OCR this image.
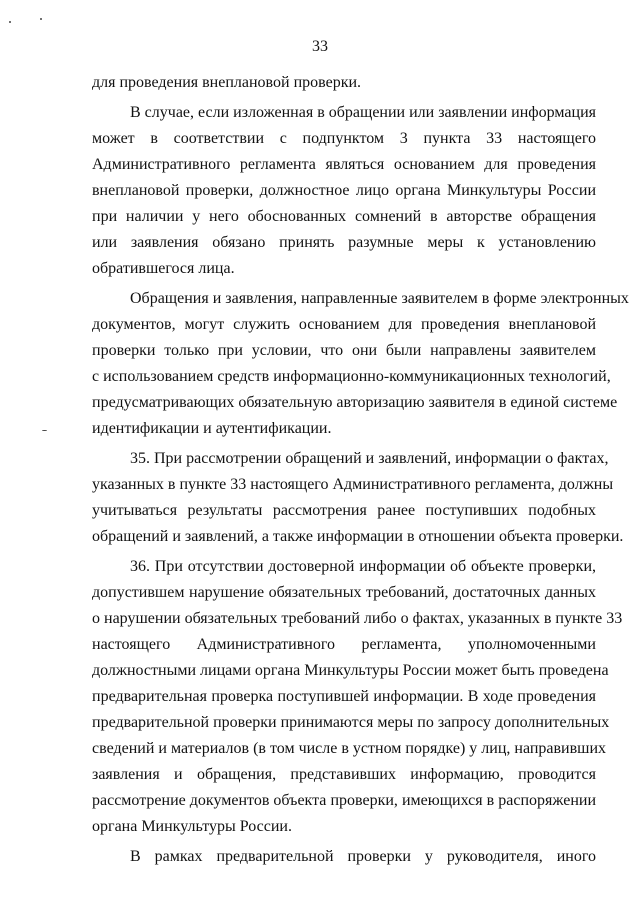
33
для проведения внеплановой проверки.
В случае, если изложенная в обращении или заявлении информация
может в соответствии с подпунктом 3 пункта 33 настоящего
Административного регламента являться основанием для проведения
внеплановой проверки, должностное лицо органа Минкультуры России
при наличии у него обоснованных сомнений в авторстве обращения
или заявления обязано принять разумные меры к установлению
обратившегося лица.
Обращения и заявления, направленные заявителем в форме электронных
документов, могут служить основанием для проведения внеплановой
проверки только при условии, что они были направлены заявителем
с использованием средств информационно-коммуникационных технологий,
предусматривающих обязательную авторизацию заявителя в единой системе
идентификации и аутентификации.
35. При рассмотрении обращений и заявлений, информации о фактах,
указанных в пункте 33 настоящего Административного регламента, должны
учитываться результаты рассмотрения ранее поступивших подобных
обращений и заявлений, а также информации в отношении объекта проверки.
36. При отсутствии достоверной информации об объекте проверки,
допустившем нарушение обязательных требований, достаточных данных
о нарушении обязательных требований либо о фактах, указанных в пункте 33
настоящего Административного регламента, уполномоченными
должностными лицами органа Минкультуры России может быть проведена
предварительная проверка поступившей информации. В ходе проведения
предварительной проверки принимаются меры по запросу дополнительных
сведений и материалов (в том числе в устном порядке) у лиц, направивших
заявления и обращения, представивших информацию, проводится
рассмотрение документов объекта проверки, имеющихся в распоряжении
органа Минкультуры России.
В рамках предварительной проверки у руководителя, иного
